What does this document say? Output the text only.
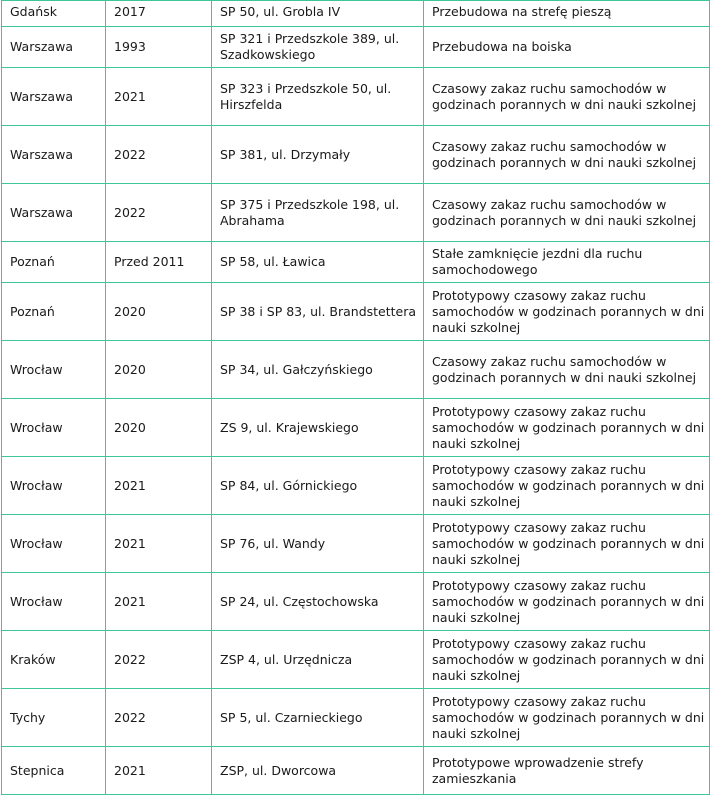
Gdańsk	2017	SP 50, ul. Grobla IV	Przebudowa na strefę pieszą
Warszawa	1993	SP 321 i Przedszkole 389, ul. Szadkowskiego	Przebudowa na boiska
Warszawa	2021	SP 323 i Przedszkole 50, ul. Hirszfelda	Czasowy zakaz ruchu samochodów w godzinach porannych w dni nauki szkolnej
Warszawa	2022	SP 381, ul. Drzymały	Czasowy zakaz ruchu samochodów w godzinach porannych w dni nauki szkolnej
Warszawa	2022	SP 375 i Przedszkole 198, ul. Abrahama	Czasowy zakaz ruchu samochodów w godzinach porannych w dni nauki szkolnej
Poznań	Przed 2011	SP 58, ul. Ławica	Stałe zamknięcie jezdni dla ruchu samochodowego
Poznań	2020	SP 38 i SP 83, ul. Brandstettera	Prototypowy czasowy zakaz ruchu samochodów w godzinach porannych w dni nauki szkolnej
Wrocław	2020	SP 34, ul. Gałczyńskiego	Czasowy zakaz ruchu samochodów w godzinach porannych w dni nauki szkolnej
Wrocław	2020	ZS 9, ul. Krajewskiego	Prototypowy czasowy zakaz ruchu samochodów w godzinach porannych w dni nauki szkolnej
Wrocław	2021	SP 84, ul. Górnickiego	Prototypowy czasowy zakaz ruchu samochodów w godzinach porannych w dni nauki szkolnej
Wrocław	2021	SP 76, ul. Wandy	Prototypowy czasowy zakaz ruchu samochodów w godzinach porannych w dni nauki szkolnej
Wrocław	2021	SP 24, ul. Częstochowska	Prototypowy czasowy zakaz ruchu samochodów w godzinach porannych w dni nauki szkolnej
Kraków	2022	ZSP 4, ul. Urzędnicza	Prototypowy czasowy zakaz ruchu samochodów w godzinach porannych w dni nauki szkolnej
Tychy	2022	SP 5, ul. Czarnieckiego	Prototypowy czasowy zakaz ruchu samochodów w godzinach porannych w dni nauki szkolnej
Stepnica	2021	ZSP, ul. Dworcowa	Prototypowe wprowadzenie strefy zamieszkania
